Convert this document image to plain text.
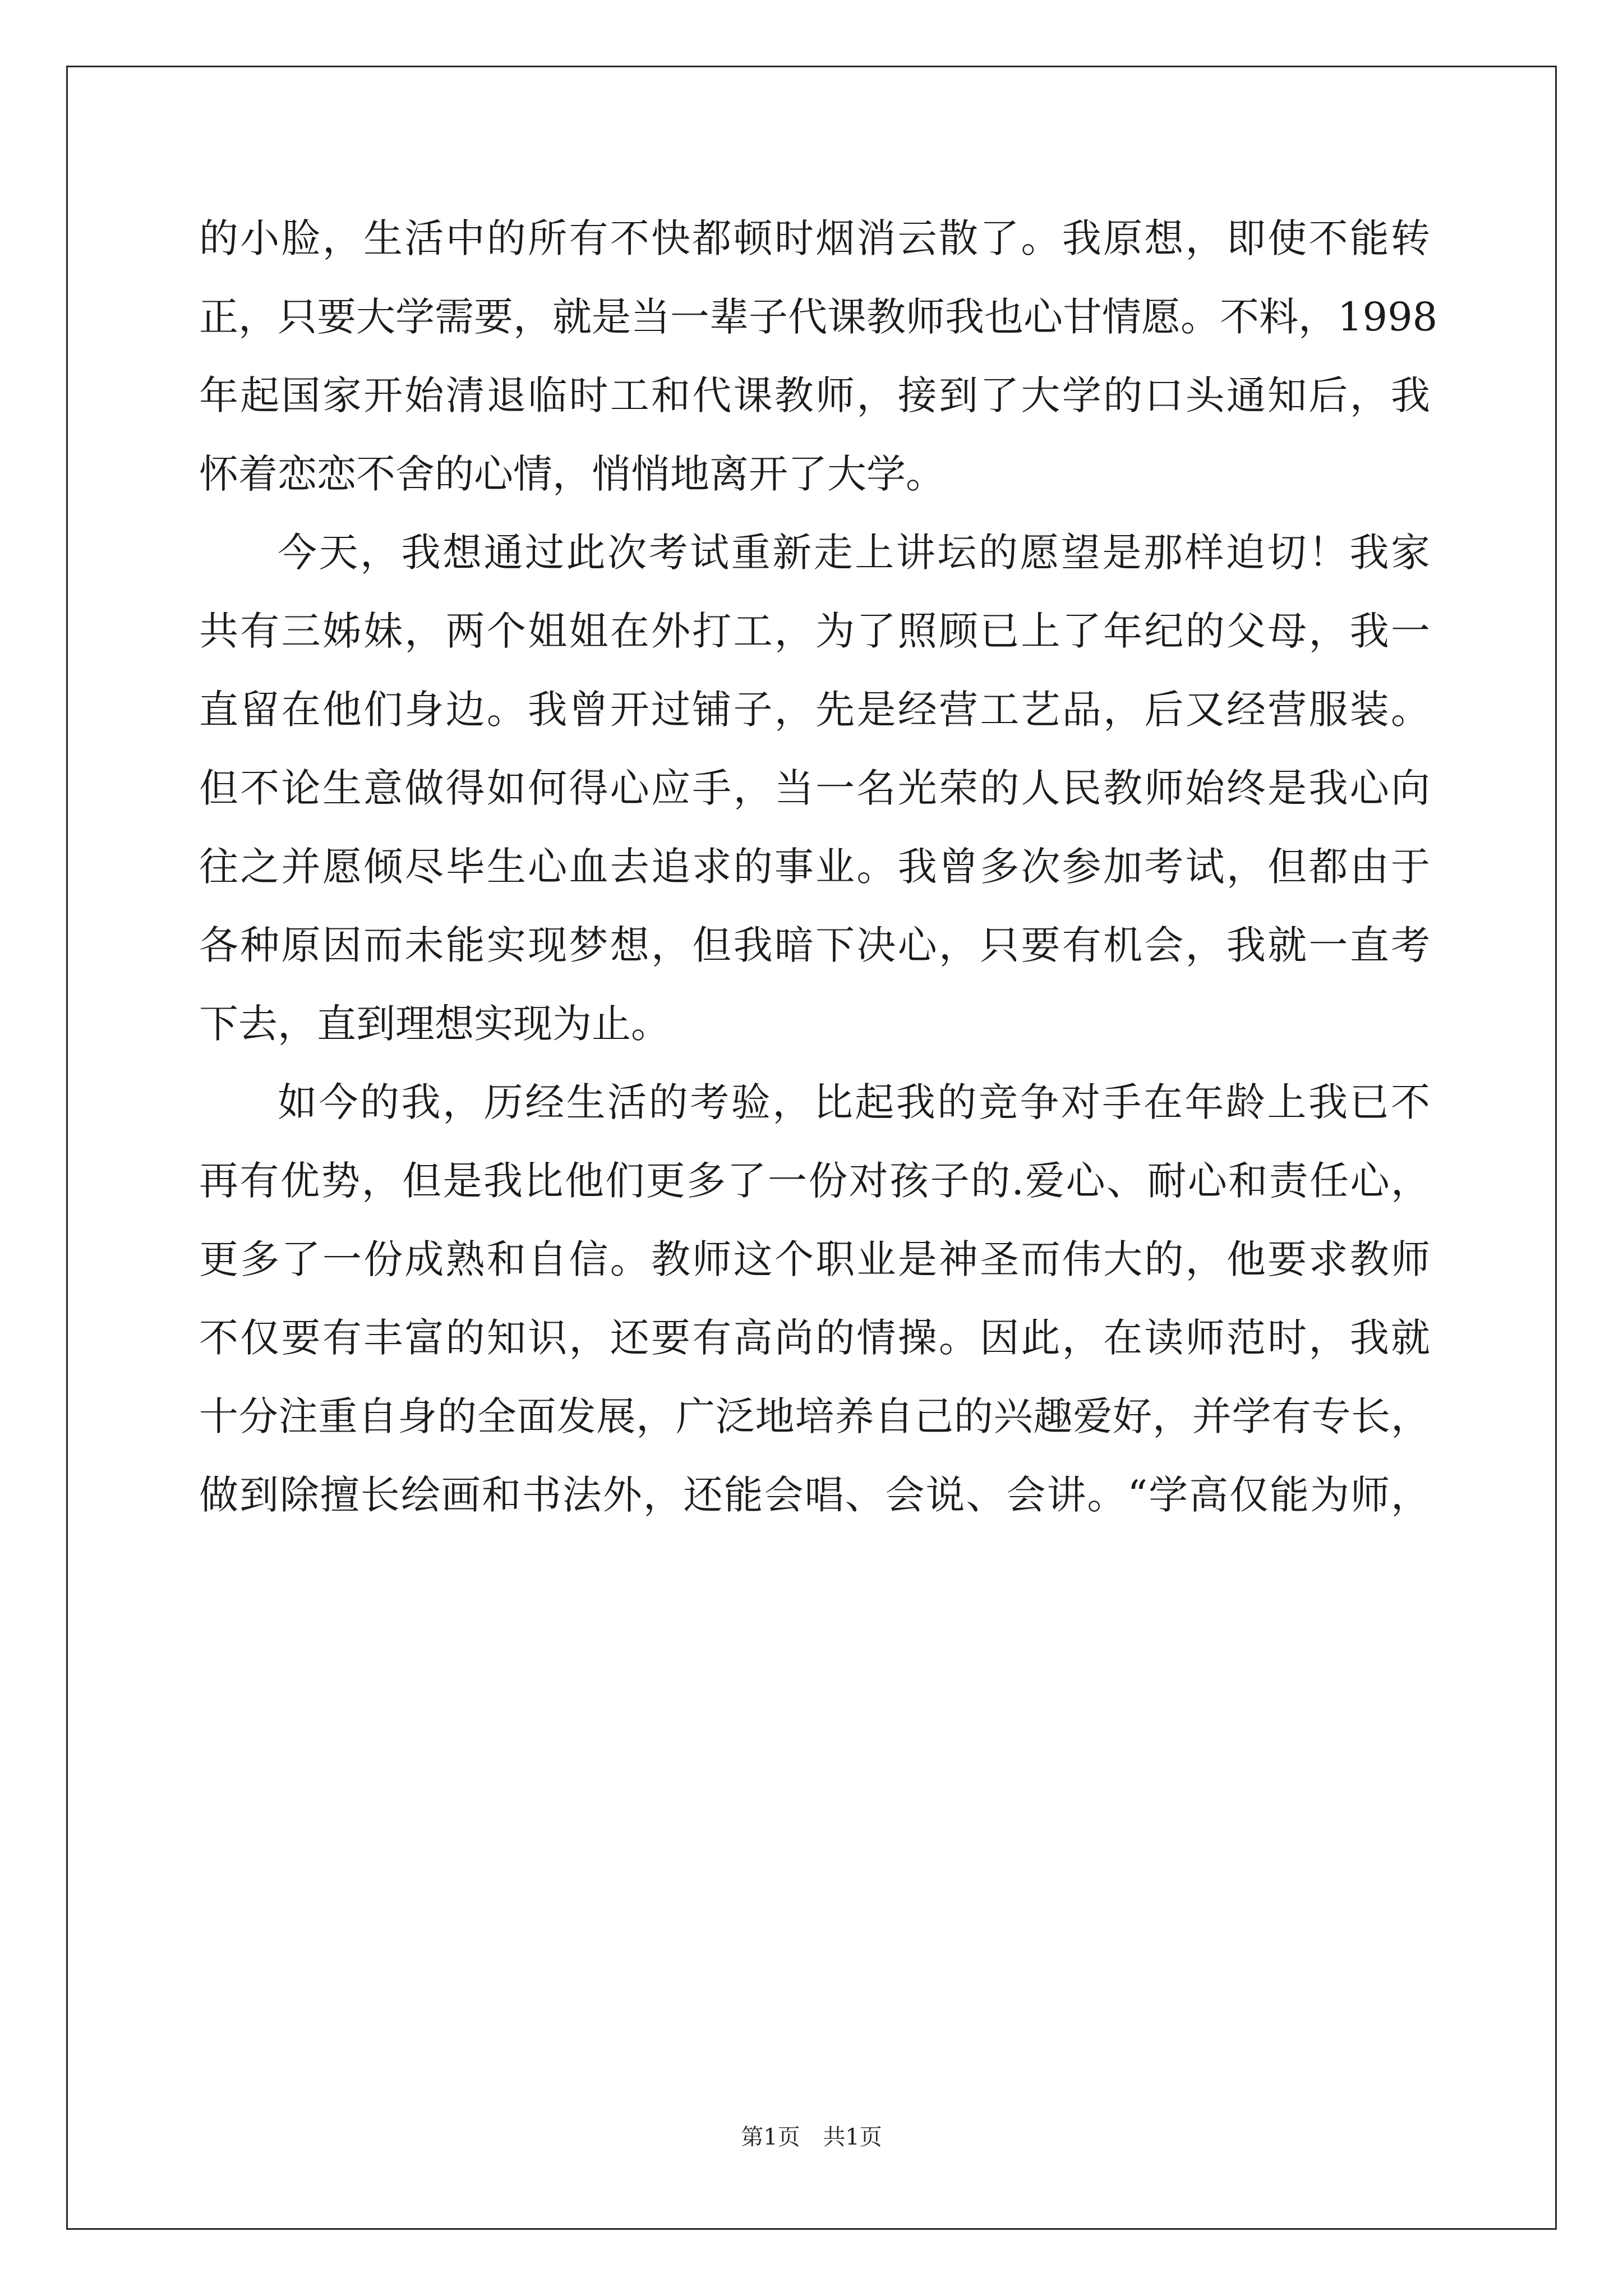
的小脸，生活中的所有不快都顿时烟消云散了。我原想，即使不能转
正，只要大学需要，就是当一辈子代课教师我也心甘情愿。不料，1998
年起国家开始清退临时工和代课教师，接到了大学的口头通知后，我
怀着恋恋不舍的心情，悄悄地离开了大学。
今天，我想通过此次考试重新走上讲坛的愿望是那样迫切！我家
共有三姊妹，两个姐姐在外打工，为了照顾已上了年纪的父母，我一
直留在他们身边。我曾开过铺子，先是经营工艺品，后又经营服装。
但不论生意做得如何得心应手，当一名光荣的人民教师始终是我心向
往之并愿倾尽毕生心血去追求的事业。我曾多次参加考试，但都由于
各种原因而未能实现梦想，但我暗下决心，只要有机会，我就一直考
下去，直到理想实现为止。
如今的我，历经生活的考验，比起我的竞争对手在年龄上我已不
再有优势，但是我比他们更多了一份对孩子的.爱心、耐心和责任心，
更多了一份成熟和自信。教师这个职业是神圣而伟大的，他要求教师
不仅要有丰富的知识，还要有高尚的情操。因此，在读师范时，我就
十分注重自身的全面发展，广泛地培养自己的兴趣爱好，并学有专长，
做到除擅长绘画和书法外，还能会唱、会说、会讲。“学高仅能为师，
第1页 共1页
